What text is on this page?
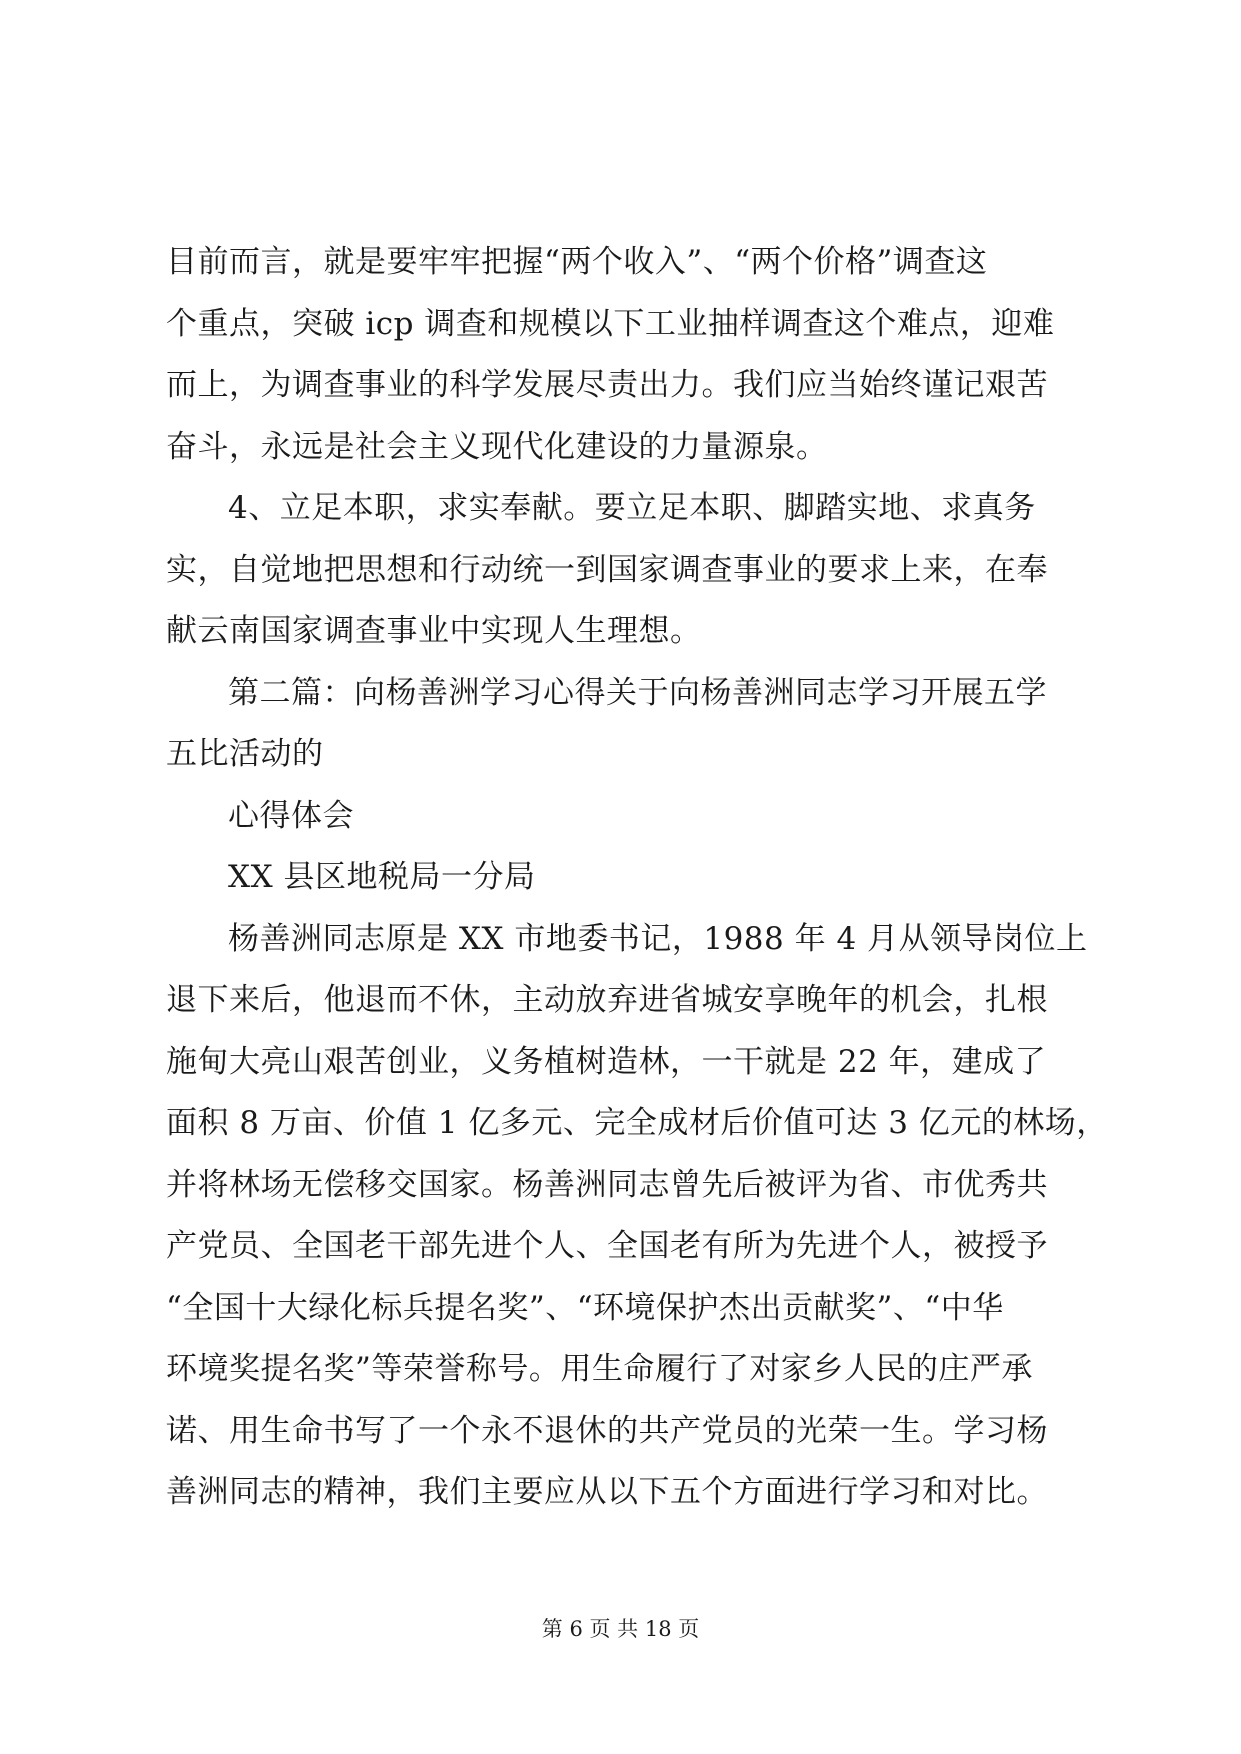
目前而言，就是要牢牢把握“两个收入”、“两个价格”调查这
个重点，突破 icp 调查和规模以下工业抽样调查这个难点，迎难
而上，为调查事业的科学发展尽责出力。我们应当始终谨记艰苦
奋斗，永远是社会主义现代化建设的力量源泉。
4、立足本职，求实奉献。要立足本职、脚踏实地、求真务
实，自觉地把思想和行动统一到国家调查事业的要求上来，在奉
献云南国家调查事业中实现人生理想。
第二篇：向杨善洲学习心得关于向杨善洲同志学习开展五学
五比活动的
心得体会
XX 县区地税局一分局
杨善洲同志原是 XX 市地委书记，1988 年 4 月从领导岗位上
退下来后，他退而不休，主动放弃进省城安享晚年的机会，扎根
施甸大亮山艰苦创业，义务植树造林，一干就是 22 年，建成了
面积 8 万亩、价值 1 亿多元、完全成材后价值可达 3 亿元的林场，
并将林场无偿移交国家。杨善洲同志曾先后被评为省、市优秀共
产党员、全国老干部先进个人、全国老有所为先进个人，被授予
“全国十大绿化标兵提名奖”、“环境保护杰出贡献奖”、“中华
环境奖提名奖”等荣誉称号。用生命履行了对家乡人民的庄严承
诺、用生命书写了一个永不退休的共产党员的光荣一生。学习杨
善洲同志的精神，我们主要应从以下五个方面进行学习和对比。
第 6 页 共 18 页
